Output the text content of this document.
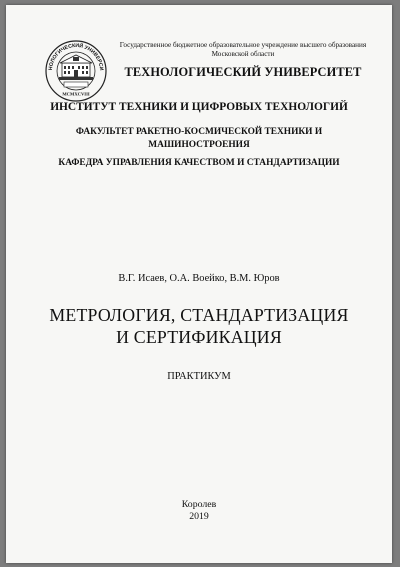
НОЛОГИЧЕСКИЙ УНИВЕРСИ
MCMXCVIII
Государственное бюджетное образовательное учреждение высшего образования
Московской области
ТЕХНОЛОГИЧЕСКИЙ УНИВЕРСИТЕТ
ИНСТИТУТ ТЕХНИКИ И ЦИФРОВЫХ ТЕХНОЛОГИЙ
ФАКУЛЬТЕТ РАКЕТНО-КОСМИЧЕСКОЙ ТЕХНИКИ И
МАШИНОСТРОЕНИЯ
КАФЕДРА УПРАВЛЕНИЯ КАЧЕСТВОМ И СТАНДАРТИЗАЦИИ
В.Г. Исаев, О.А. Воейко, В.М. Юров
МЕТРОЛОГИЯ, СТАНДАРТИЗАЦИЯ
И СЕРТИФИКАЦИЯ
ПРАКТИКУМ
Королев
2019
